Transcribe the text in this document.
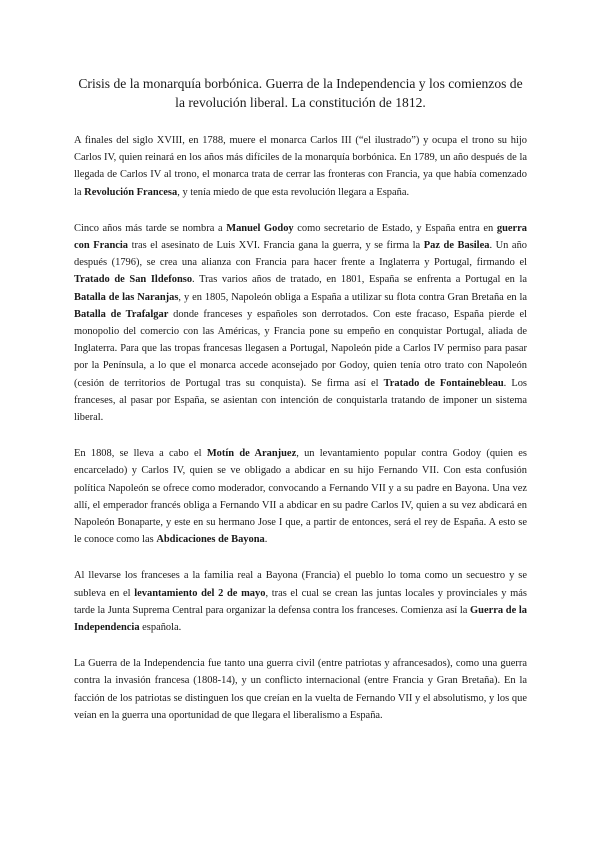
Crisis de la monarquía borbónica. Guerra de la Independencia y los comienzos de la revolución liberal. La constitución de 1812.

A finales del siglo XVIII, en 1788, muere el monarca Carlos III (“el ilustrado”) y ocupa el trono su hijo Carlos IV, quien reinará en los años más difíciles de la monarquía borbónica. En 1789, un año después de la llegada de Carlos IV al trono, el monarca trata de cerrar las fronteras con Francia, ya que había comenzado la Revolución Francesa, y tenía miedo de que esta revolución llegara a España.

Cinco años más tarde se nombra a Manuel Godoy como secretario de Estado, y España entra en guerra con Francia tras el asesinato de Luis XVI. Francia gana la guerra, y se firma la Paz de Basilea. Un año después (1796), se crea una alianza con Francia para hacer frente a Inglaterra y Portugal, firmando el Tratado de San Ildefonso. Tras varios años de tratado, en 1801, España se enfrenta a Portugal en la Batalla de las Naranjas, y en 1805, Napoleón obliga a España a utilizar su flota contra Gran Bretaña en la Batalla de Trafalgar donde franceses y españoles son derrotados. Con este fracaso, España pierde el monopolio del comercio con las Américas, y Francia pone su empeño en conquistar Portugal, aliada de Inglaterra. Para que las tropas francesas llegasen a Portugal, Napoleón pide a Carlos IV permiso para pasar por la Península, a lo que el monarca accede aconsejado por Godoy, quien tenía otro trato con Napoleón (cesión de territorios de Portugal tras su conquista). Se firma así el Tratado de Fontainebleau. Los franceses, al pasar por España, se asientan con intención de conquistarla tratando de imponer un sistema liberal.

En 1808, se lleva a cabo el Motín de Aranjuez, un levantamiento popular contra Godoy (quien es encarcelado) y Carlos IV, quien se ve obligado a abdicar en su hijo Fernando VII. Con esta confusión política Napoleón se ofrece como moderador, convocando a Fernando VII y a su padre en Bayona. Una vez allí, el emperador francés obliga a Fernando VII a abdicar en su padre Carlos IV, quien a su vez abdicará en Napoleón Bonaparte, y este en su hermano Jose I que, a partir de entonces, será el rey de España. A esto se le conoce como las Abdicaciones de Bayona.

Al llevarse los franceses a la familia real a Bayona (Francia) el pueblo lo toma como un secuestro y se subleva en el levantamiento del 2 de mayo, tras el cual se crean las juntas locales y provinciales y más tarde la Junta Suprema Central para organizar la defensa contra los franceses. Comienza así la Guerra de la Independencia española.

La Guerra de la Independencia fue tanto una guerra civil (entre patriotas y afrancesados), como una guerra contra la invasión francesa (1808-14), y un conflicto internacional (entre Francia y Gran Bretaña). En la facción de los patriotas se distinguen los que creían en la vuelta de Fernando VII y el absolutismo, y los que veían en la guerra una oportunidad de que llegara el liberalismo a España.
